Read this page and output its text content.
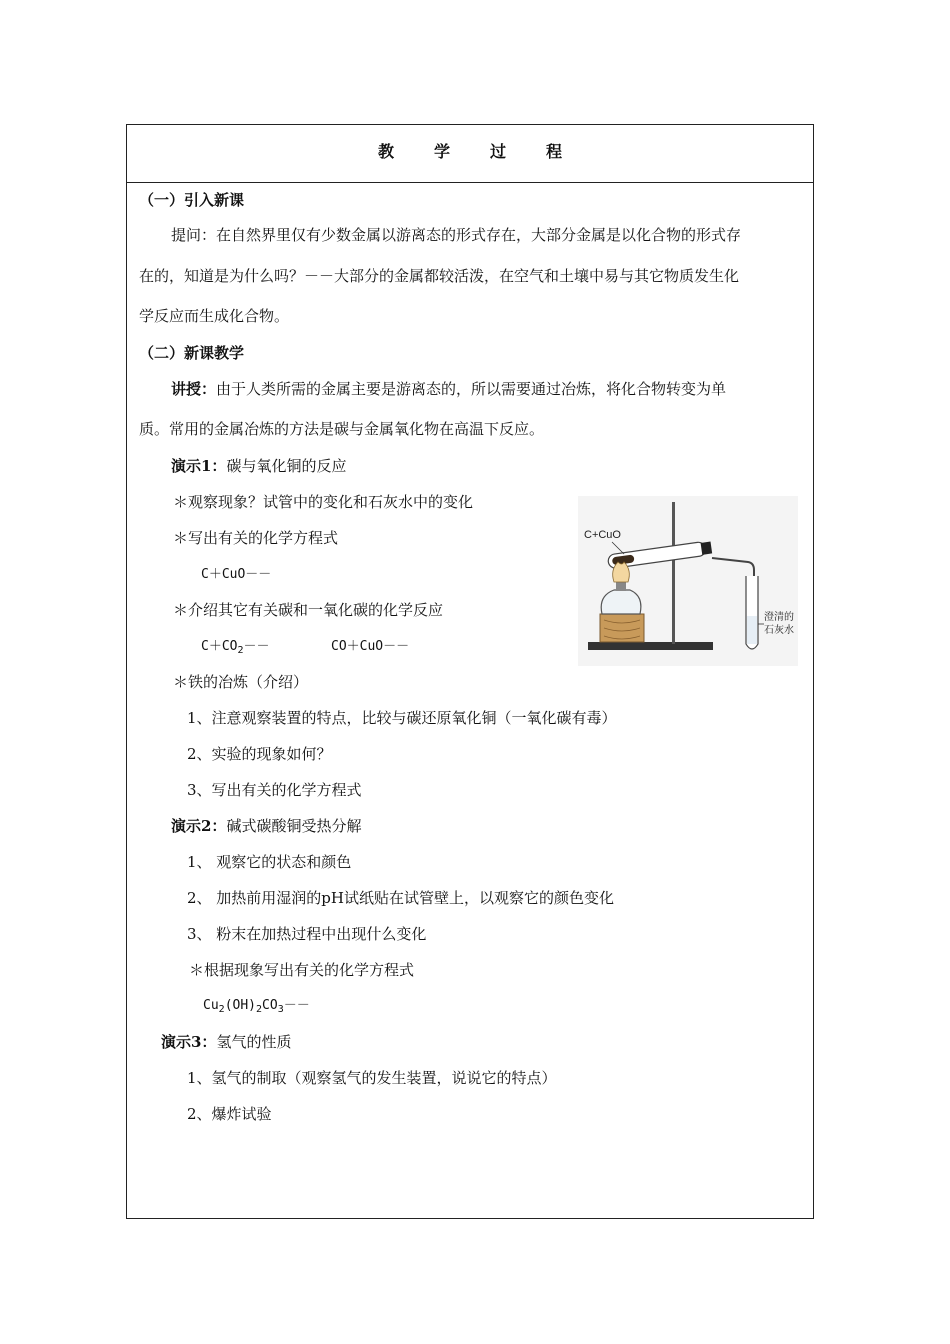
教学过程
（一）引入新课
提问：在自然界里仅有少数金属以游离态的形式存在，大部分金属是以化合物的形式存
在的，知道是为什么吗？－－大部分的金属都较活泼，在空气和土壤中易与其它物质发生化
学反应而生成化合物。
（二）新课教学
讲授：由于人类所需的金属主要是游离态的，所以需要通过冶炼，将化合物转变为单
质。常用的金属冶炼的方法是碳与金属氧化物在高温下反应。
演示1：碳与氧化铜的反应
＊观察现象？试管中的变化和石灰水中的变化
＊写出有关的化学方程式
C＋CuO－－
＊介绍其它有关碳和一氧化碳的化学反应
$C+CO_2--$	CO＋CuO－－
＊铁的冶炼（介绍）
1、注意观察装置的特点，比较与碳还原氧化铜（一氧化碳有毒）
2、实验的现象如何？
3、写出有关的化学方程式
演示2：碱式碳酸铜受热分解
1、 观察它的状态和颜色
2、 加热前用湿润的pH试纸贴在试管壁上，以观察它的颜色变化
3、 粉末在加热过程中出现什么变化
＊根据现象写出有关的化学方程式
$Cu_2(OH)_2CO_3--$
演示3：氢气的性质
1、氢气的制取（观察氢气的发生装置，说说它的特点）
2、爆炸试验
C+CuO
澄清的
石灰水
